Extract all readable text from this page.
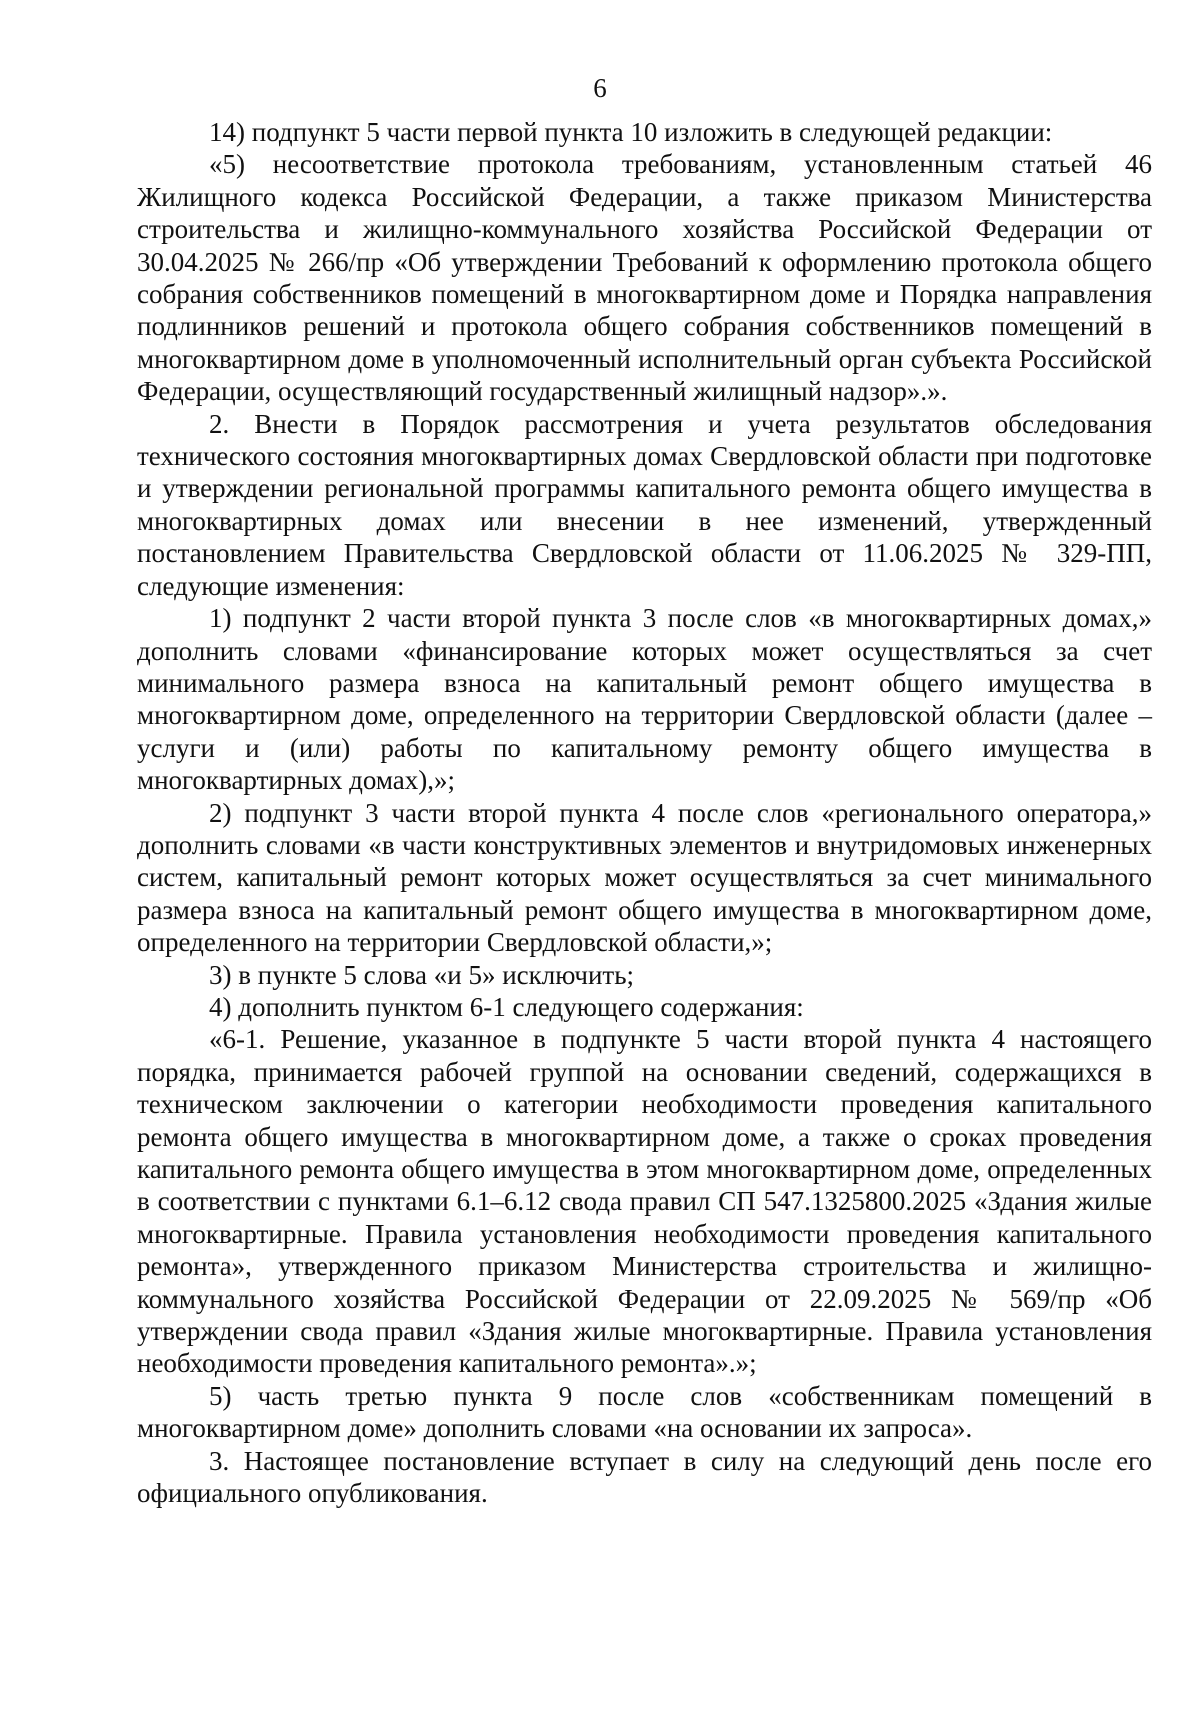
6

14) подпункт 5 части первой пункта 10 изложить в следующей редакции:

«5) несоответствие протокола требованиям, установленным статьей 46 Жилищного кодекса Российской Федерации, а также приказом Министерства строительства и жилищно-коммунального хозяйства Российской Федерации от 30.04.2025 № 266/пр «Об утверждении Требований к оформлению протокола общего собрания собственников помещений в многоквартирном доме и Порядка направления подлинников решений и протокола общего собрания собственников помещений в многоквартирном доме в уполномоченный исполнительный орган субъекта Российской Федерации, осуществляющий государственный жилищный надзор».».

2. Внести в Порядок рассмотрения и учета результатов обследования технического состояния многоквартирных домах Свердловской области при подготовке и утверждении региональной программы капитального ремонта общего имущества в многоквартирных домах или внесении в нее изменений, утвержденный постановлением Правительства Свердловской области от 11.06.2025 № 329-ПП, следующие изменения:

1) подпункт 2 части второй пункта 3 после слов «в многоквартирных домах,» дополнить словами «финансирование которых может осуществляться за счет минимального размера взноса на капитальный ремонт общего имущества в многоквартирном доме, определенного на территории Свердловской области (далее – услуги и (или) работы по капитальному ремонту общего имущества в многоквартирных домах),»;

2) подпункт 3 части второй пункта 4 после слов «регионального оператора,» дополнить словами «в части конструктивных элементов и внутридомовых инженерных систем, капитальный ремонт которых может осуществляться за счет минимального размера взноса на капитальный ремонт общего имущества в многоквартирном доме, определенного на территории Свердловской области,»;

3) в пункте 5 слова «и 5» исключить;

4) дополнить пунктом 6-1 следующего содержания:

«6-1. Решение, указанное в подпункте 5 части второй пункта 4 настоящего порядка, принимается рабочей группой на основании сведений, содержащихся в техническом заключении о категории необходимости проведения капитального ремонта общего имущества в многоквартирном доме, а также о сроках проведения капитального ремонта общего имущества в этом многоквартирном доме, определенных в соответствии с пунктами 6.1–6.12 свода правил СП 547.1325800.2025 «Здания жилые многоквартирные. Правила установления необходимости проведения капитального ремонта», утвержденного приказом Министерства строительства и жилищно-коммунального хозяйства Российской Федерации от 22.09.2025 № 569/пр «Об утверждении свода правил «Здания жилые многоквартирные. Правила установления необходимости проведения капитального ремонта».»;

5) часть третью пункта 9 после слов «собственникам помещений в многоквартирном доме» дополнить словами «на основании их запроса».

3. Настоящее постановление вступает в силу на следующий день после его официального опубликования.
